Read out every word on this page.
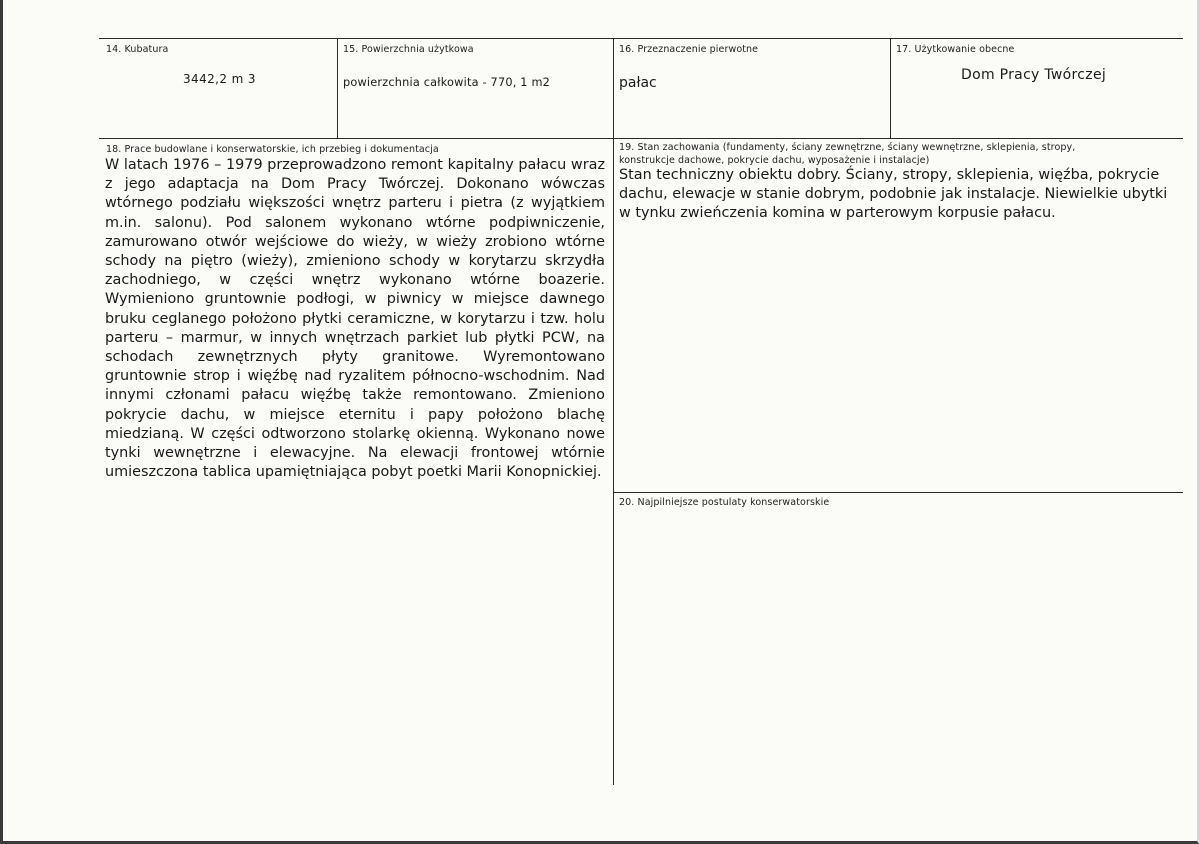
14. Kubatura
3442,2 m 3
15. Powierzchnia użytkowa
powierzchnia całkowita - 770, 1 m2
16. Przeznaczenie pierwotne
pałac
17. Użytkowanie obecne
Dom Pracy Twórczej
18. Prace budowlane i konserwatorskie, ich przebieg i dokumentacja
W latach 1976 – 1979 przeprowadzono remont kapitalny pałacu wraz z jego adaptacja na Dom Pracy Twórczej. Dokonano wówczas wtórnego podziału większości wnętrz parteru i pietra (z wyjątkiem m.in. salonu). Pod salonem wykonano wtórne podpiwniczenie, zamurowano otwór wejściowe do wieży, w wieży zrobiono wtórne schody na piętro (wieży), zmieniono schody w korytarzu skrzydła zachodniego, w części wnętrz wykonano wtórne boazerie. Wymieniono gruntownie podłogi, w piwnicy w miejsce dawnego bruku ceglanego położono płytki ceramiczne, w korytarzu i tzw. holu parteru – marmur, w innych wnętrzach parkiet lub płytki PCW, na schodach zewnętrznych płyty granitowe. Wyremontowano gruntownie strop i więźbę nad ryzalitem północno-wschodnim. Nad innymi członami pałacu więźbę także remontowano. Zmieniono pokrycie dachu, w miejsce eternitu i papy położono blachę miedzianą. W części odtworzono stolarkę okienną. Wykonano nowe tynki wewnętrzne i elewacyjne. Na elewacji frontowej wtórnie umieszczona tablica upamiętniająca pobyt poetki Marii Konopnickiej.
19. Stan zachowania (fundamenty, ściany zewnętrzne, ściany wewnętrzne, sklepienia, stropy,
konstrukcje dachowe, pokrycie dachu, wyposażenie i instalacje)
Stan techniczny obiektu dobry. Ściany, stropy, sklepienia, więźba, pokrycie dachu, elewacje w stanie dobrym, podobnie jak instalacje. Niewielkie ubytki w tynku zwieńczenia komina w parterowym korpusie pałacu.
20. Najpilniejsze postulaty konserwatorskie
